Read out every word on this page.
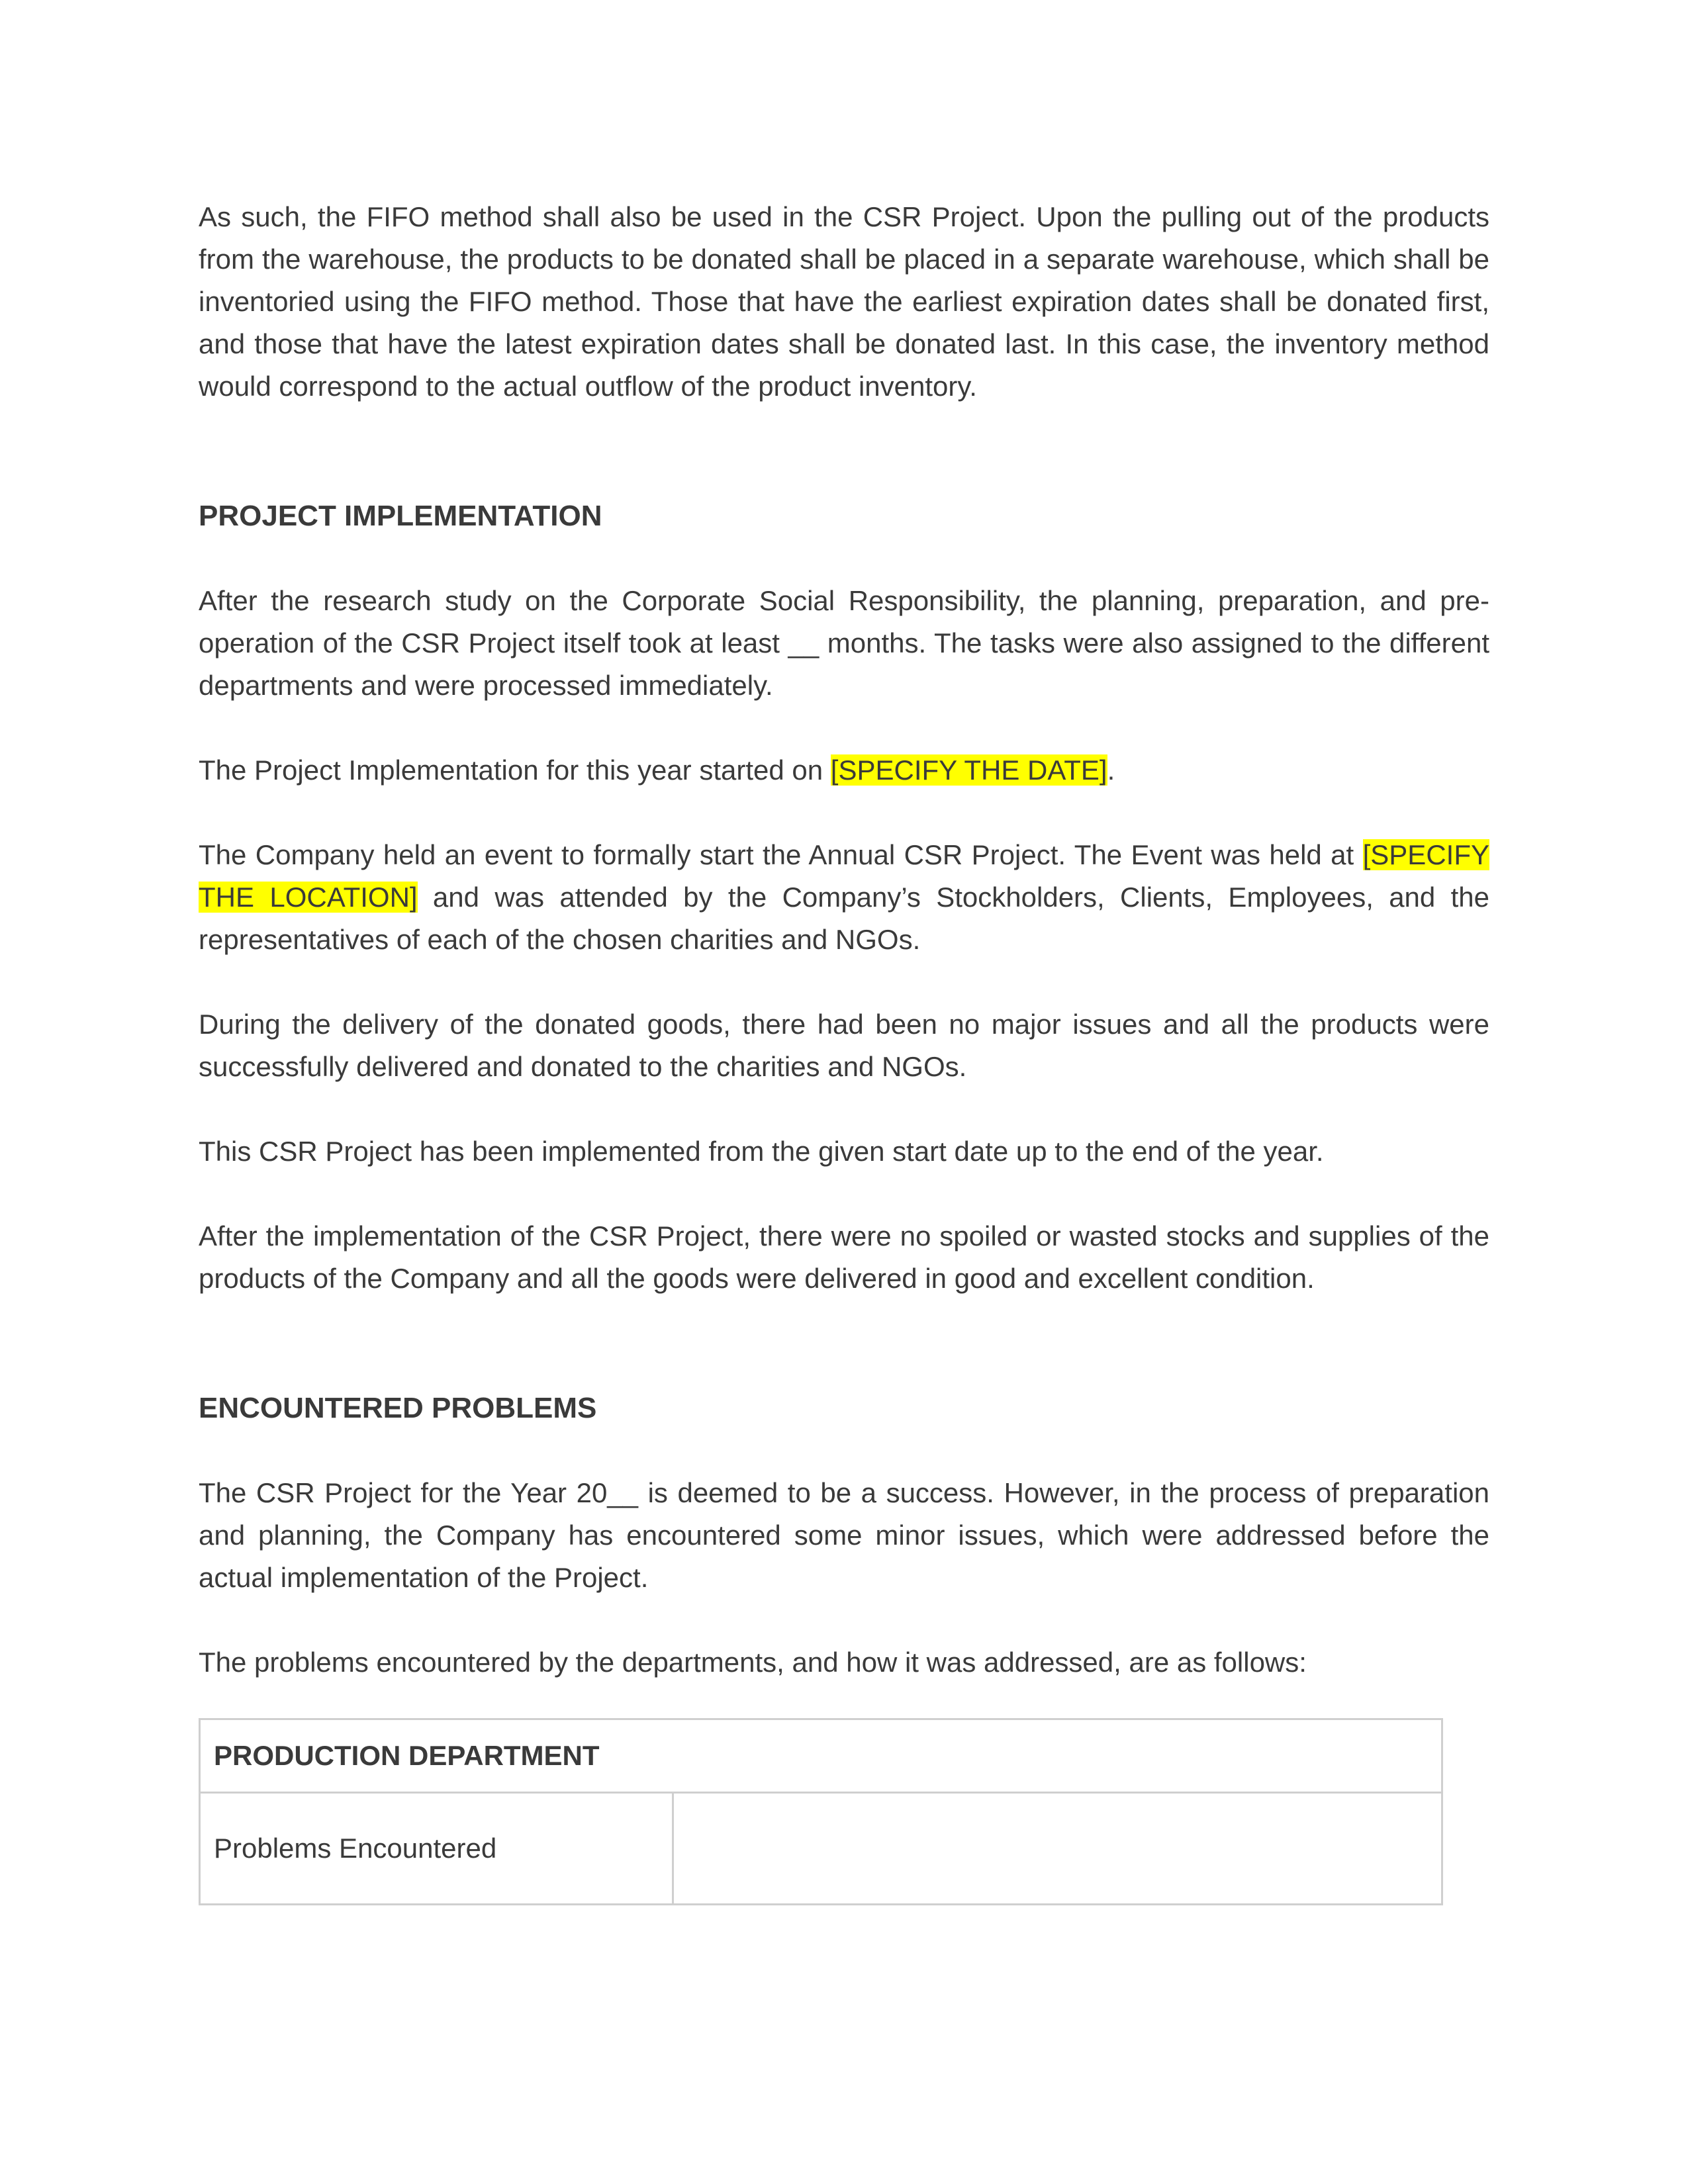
As such, the FIFO method shall also be used in the CSR Project. Upon the pulling out of the products from the warehouse, the products to be donated shall be placed in a separate warehouse, which shall be inventoried using the FIFO method. Those that have the earliest expiration dates shall be donated first, and those that have the latest expiration dates shall be donated last. In this case, the inventory method would correspond to the actual outflow of the product inventory.

PROJECT IMPLEMENTATION

After the research study on the Corporate Social Responsibility, the planning, preparation, and pre-operation of the CSR Project itself took at least __ months. The tasks were also assigned to the different departments and were processed immediately.

The Project Implementation for this year started on [SPECIFY THE DATE].

The Company held an event to formally start the Annual CSR Project. The Event was held at [SPECIFY THE LOCATION] and was attended by the Company’s Stockholders, Clients, Employees, and the representatives of each of the chosen charities and NGOs.

During the delivery of the donated goods, there had been no major issues and all the products were successfully delivered and donated to the charities and NGOs.

This CSR Project has been implemented from the given start date up to the end of the year.

After the implementation of the CSR Project, there were no spoiled or wasted stocks and supplies of the products of the Company and all the goods were delivered in good and excellent condition.

ENCOUNTERED PROBLEMS

The CSR Project for the Year 20__ is deemed to be a success. However, in the process of preparation and planning, the Company has encountered some minor issues, which were addressed before the actual implementation of the Project.

The problems encountered by the departments, and how it was addressed, are as follows:

PRODUCTION DEPARTMENT
Problems Encountered	
